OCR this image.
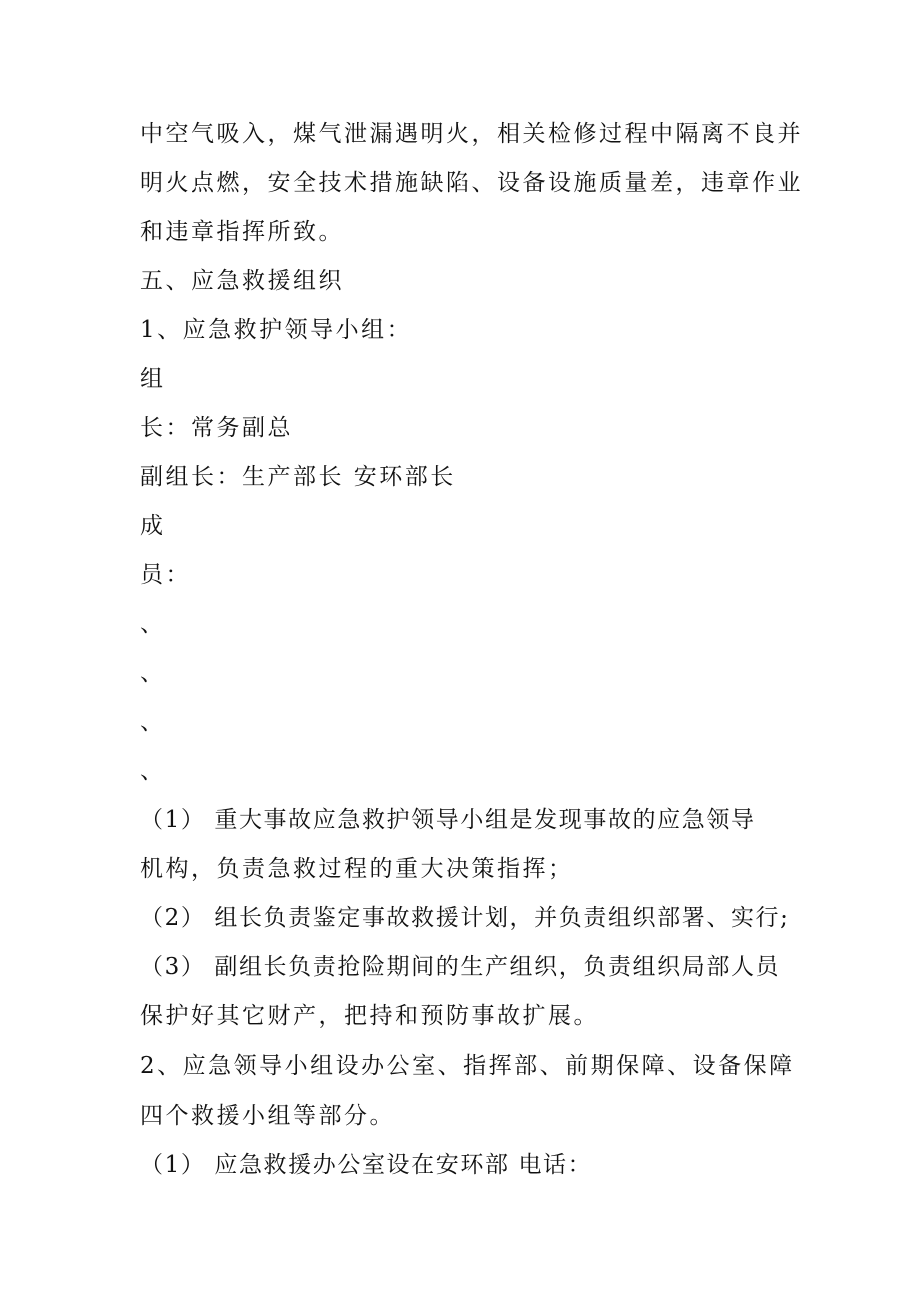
中空气吸入，煤气泄漏遇明火，相关检修过程中隔离不良并
明火点燃，安全技术措施缺陷、设备设施质量差，违章作业
和违章指挥所致。
五、应急救援组织
1、应急救护领导小组：
组
长：常务副总
副组长：生产部长 安环部长
成
员：
、
、
、
、
（1） 重大事故应急救护领导小组是发现事故的应急领导
机构，负责急救过程的重大决策指挥；
（2） 组长负责鉴定事故救援计划，并负责组织部署、实行;
（3） 副组长负责抢险期间的生产组织，负责组织局部人员
保护好其它财产，把持和预防事故扩展。
2、应急领导小组设办公室、指挥部、前期保障、设备保障
四个救援小组等部分。
（1） 应急救援办公室设在安环部 电话：
